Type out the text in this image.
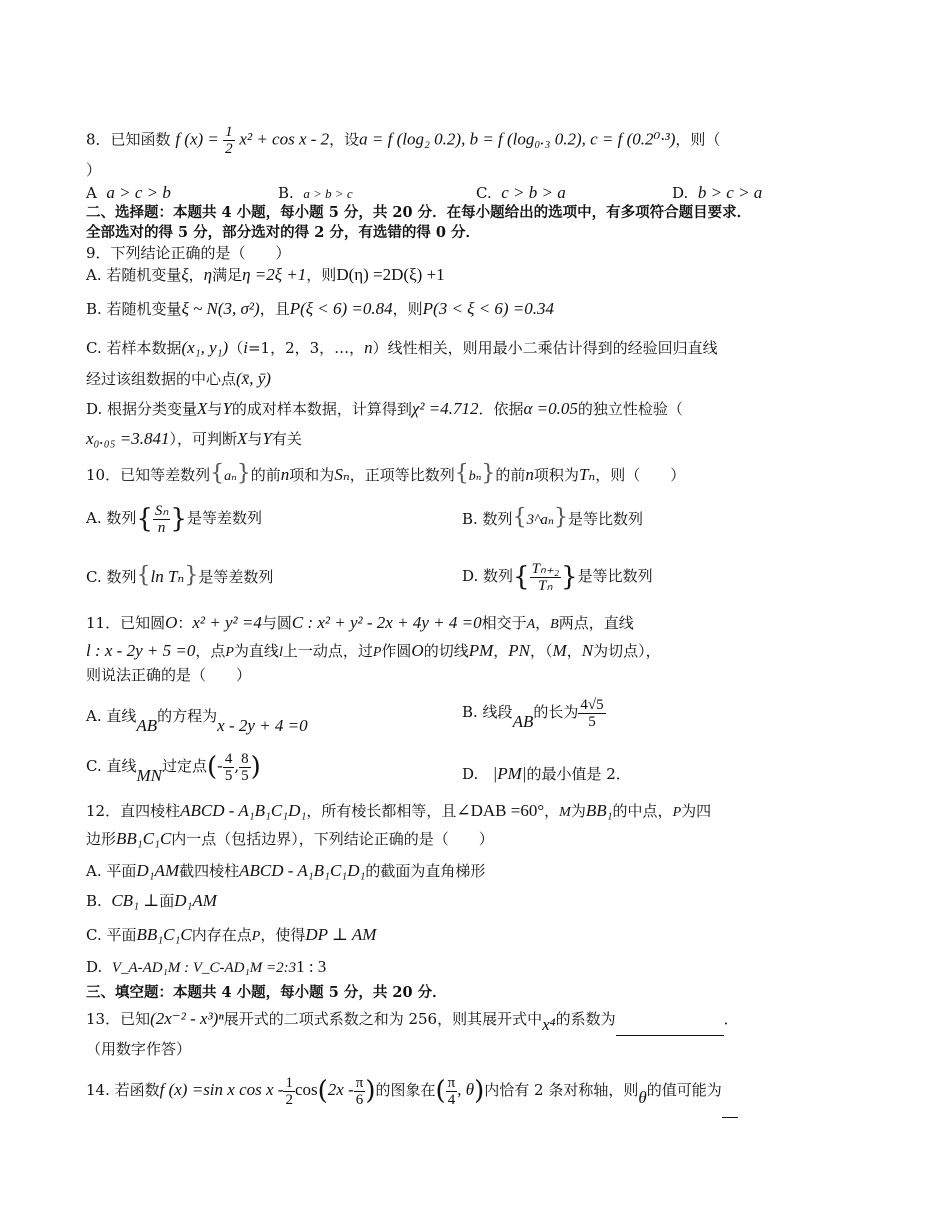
8．已知函数 f $(x) = \frac{1}{2} x^2 + \cos x - 2$，设a = f (log₂ 0.2), b = f (log₀.₃ 0.2), c = f (0.2⁰·³)，则（
）
A a > c > b	B. a > b > c	C. c > b > a	D. b > c > a
二、选择题：本题共 4 小题，每小题 5 分，共 20 分．在每小题给出的选项中，有多项符合题目要求．
全部选对的得 5 分，部分选对的得 2 分，有选错的得 0 分．
9．下列结论正确的是（　　）
A. 若随机变量ξ，η满足η =2ξ +1，则D(η) =2D(ξ) +1
B. 若随机变量ξ ~ N(3, σ²)，且P(ξ < 6) =0.84，则P(3 < ξ < 6) =0.34
C. 若样本数据(x₁, y₁)（i=1，2，3，…，n）线性相关，则用最小二乘估计得到的经验回归直线
经过该组数据的中心点(x̄, ȳ)
D. 根据分类变量X与Y的成对样本数据，计算得到χ² =4.712．依据α =0.05的独立性检验（
x₀.₀₅ =3.841），可判断X与Y有关
10．已知等差数列{aₙ}的前n项和为Sₙ，正项等比数列{bₙ}的前n项积为Tₙ，则（　　）
A. 数列{ $\frac{\text{Sₙ}}{n}$ }是等差数列	B. 数列{3^aₙ}是等比数列
C. 数列{ln Tₙ}是等差数列	D. 数列{ $\frac{\text{Tₙ₊₂}}{\text{Tₙ}}$ }是等比数列
11．已知圆O：x² + y² =4与圆C : x² + y² - 2x + 4y + 4 =0相交于A，B两点，直线
l : x - 2y + 5 =0，点P为直线l上一动点，过P作圆O的切线PM，PN，（M，N为切点），
则说法正确的是（　　）
A. 直线AB的方程为x - 2y + 4 =0
B. 线段AB的长为 $\frac{4√5}{5}$
C. 直线MN过定点(- $\frac{4}{5}$ , $\frac{8}{5}$ )	D. |PM|的最小值是 2．
12．直四棱柱ABCD - A₁B₁C₁D₁，所有棱长都相等，且∠DAB =60°，M为BB₁的中点，P为四
边形BB₁C₁C内一点（包括边界），下列结论正确的是（　　）
A. 平面D₁AM截四棱柱ABCD - A₁B₁C₁D₁的截面为直角梯形
B. CB₁ ⊥面D₁AM
C. 平面BB₁C₁C内存在点P，使得DP ⊥ AM
D. V_A-AD₁M : V_C-AD₁M =2:31 : 3
三、填空题：本题共 4 小题，每小题 5 分，共 20 分．
13．已知(2x⁻² - x³)ⁿ展开式的二项式系数之和为 256，则其展开式中x⁴的系数为	．
（用数字作答）
14. 若函数f (x) =sin x cos x - $\frac{1}{2} \cos(2x - \frac{\pi}{6}$ )的图象在( $\frac{\pi}{4}$ , θ)内恰有 2 条对称轴，则θ的值可能为
